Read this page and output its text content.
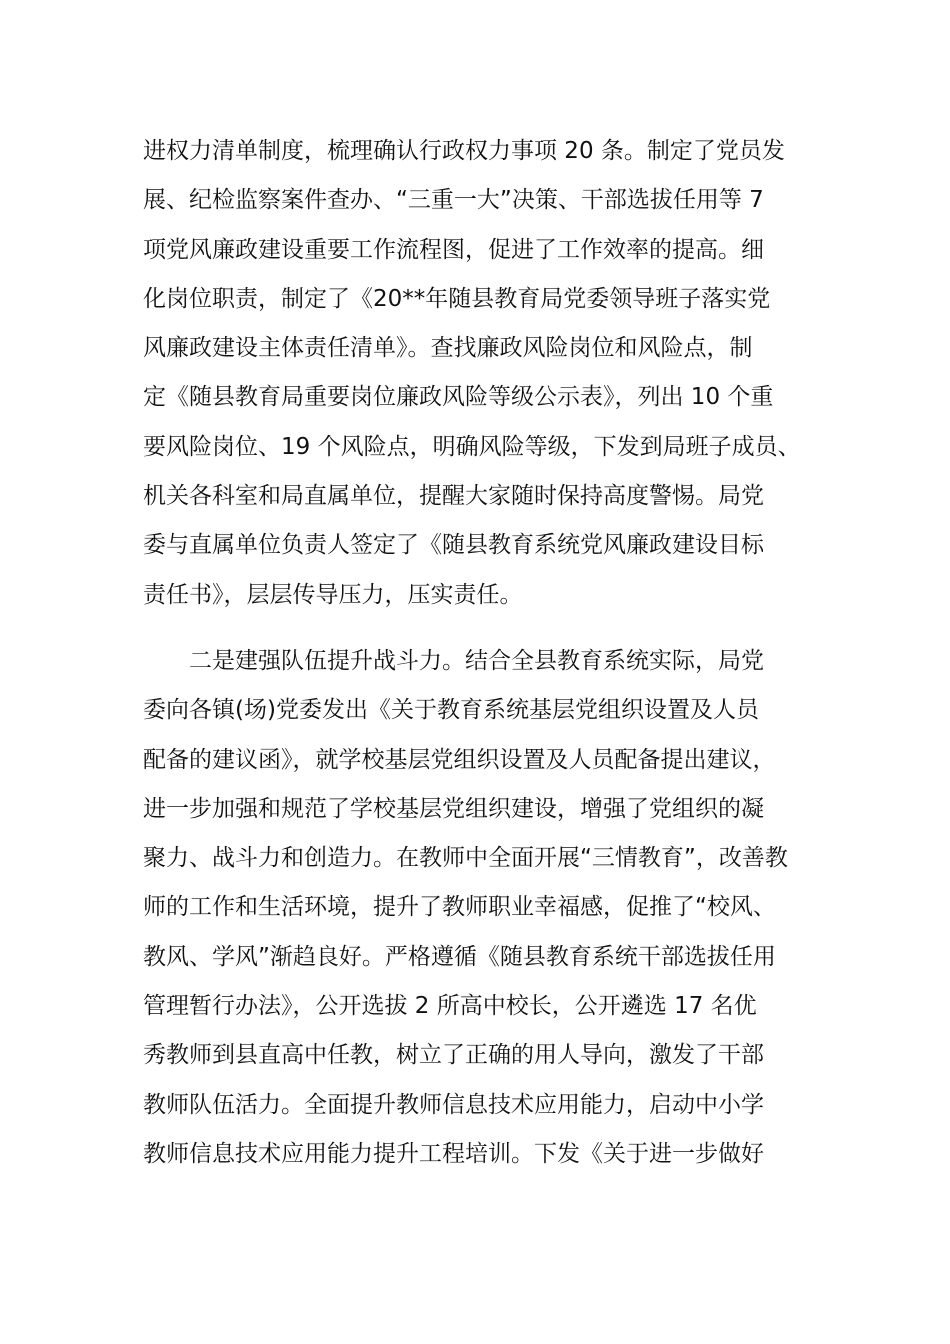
进权力清单制度，梳理确认行政权力事项 20 条。制定了党员发
展、纪检监察案件查办、“三重一大”决策、干部选拔任用等 7
项党风廉政建设重要工作流程图，促进了工作效率的提高。细
化岗位职责，制定了《20**年随县教育局党委领导班子落实党
风廉政建设主体责任清单》。查找廉政风险岗位和风险点，制
定《随县教育局重要岗位廉政风险等级公示表》，列出 10 个重
要风险岗位、19 个风险点，明确风险等级，下发到局班子成员、
机关各科室和局直属单位，提醒大家随时保持高度警惕。局党
委与直属单位负责人签定了《随县教育系统党风廉政建设目标
责任书》，层层传导压力，压实责任。
二是建强队伍提升战斗力。结合全县教育系统实际，局党
委向各镇(场)党委发出《关于教育系统基层党组织设置及人员
配备的建议函》，就学校基层党组织设置及人员配备提出建议，
进一步加强和规范了学校基层党组织建设，增强了党组织的凝
聚力、战斗力和创造力。在教师中全面开展“三情教育”，改善教
师的工作和生活环境，提升了教师职业幸福感，促推了“校风、
教风、学风”渐趋良好。严格遵循《随县教育系统干部选拔任用
管理暂行办法》，公开选拔 2 所高中校长，公开遴选 17 名优
秀教师到县直高中任教，树立了正确的用人导向，激发了干部
教师队伍活力。全面提升教师信息技术应用能力，启动中小学
教师信息技术应用能力提升工程培训。下发《关于进一步做好
